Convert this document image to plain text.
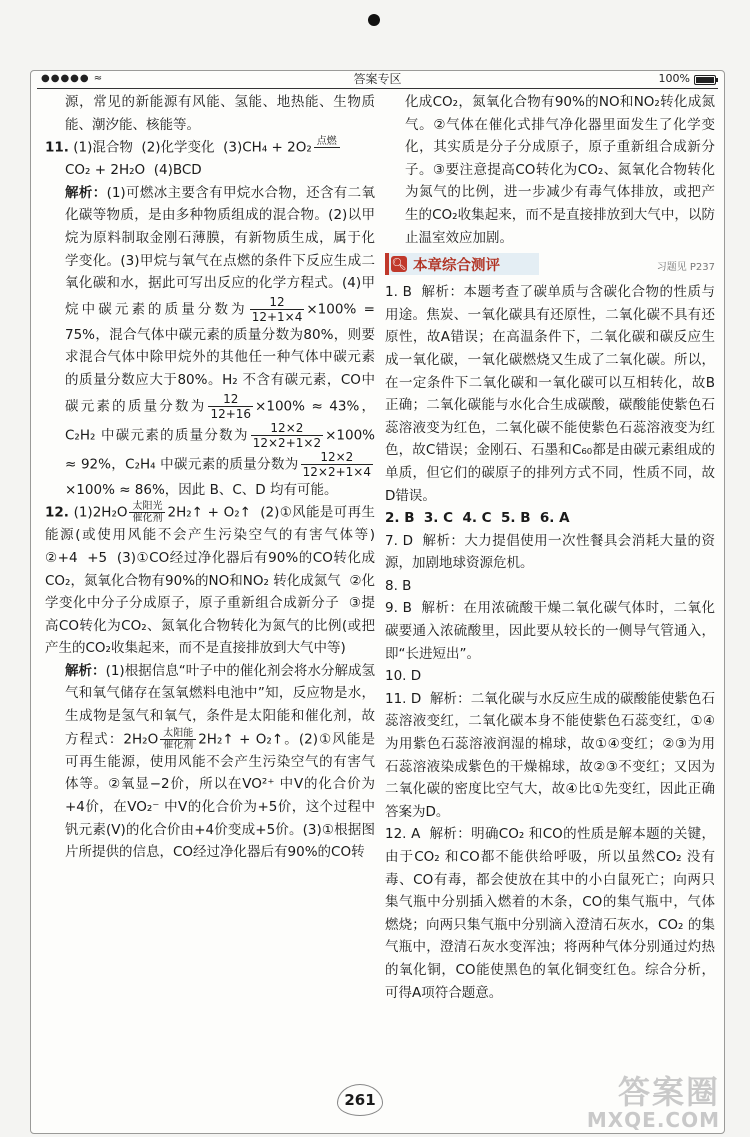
●●●●● ≈	答案专区	100%

源，常见的新能源有风能、氢能、地热能、生物质能、潮汐能、核能等。

11. (1)混合物  (2)化学变化  (3)CH₄ + 2O₂ 点燃

CO₂ + 2H₂O  (4)BCD

解析：(1)可燃冰主要含有甲烷水合物，还含有二氧化碳等物质，是由多种物质组成的混合物。(2)以甲烷为原料制取金刚石薄膜，有新物质生成，属于化学变化。(3)甲烷与氧气在点燃的条件下反应生成二氧化碳和水，据此可写出反应的化学方程式。(4)甲烷中碳元素的质量分数为 $\frac{12}{12+1\times 4} \times 100\% = 75\%$，混合气体中碳元素的质量分数为80%，则要求混合气体中除甲烷外的其他任一种气体中碳元素的质量分数应大于80%。H₂ 不含有碳元素，CO中碳元素的质量分数为 $\frac{12}{12+16} \times 100\% \approx 43\%$，C₂H₂ 中碳元素的质量分数为 $\frac{12\times 2}{12\times 2+1\times 2} \times 100\% \approx 92\%$，C₂H₄ 中碳元素的质量分数为 $\frac{12\times 2}{12\times 2+1\times 4}$
×100% ≈ 86%，因此 B、C、D 均有可能。

12. (1)2H₂O 太阳光
催化剂 2H₂↑ + O₂↑  (2)①风能是可再生能源(或使用风能不会产生污染空气的有害气体等)  ②+4  +5  (3)①CO经过净化器后有90%的CO转化成CO₂，氮氧化合物有90%的NO和NO₂ 转化成氮气  ②化学变化中分子分成原子，原子重新组合成新分子  ③提高CO转化为CO₂、氮氧化合物转化为氮气的比例(或把产生的CO₂收集起来，而不是直接排放到大气中等)

解析：(1)根据信息“叶子中的催化剂会将水分解成氢气和氧气储存在氢氧燃料电池中”知，反应物是水，生成物是氢气和氧气，条件是太阳能和催化剂，故方程式：2H₂O 太阳能
催化剂 2H₂↑ + O₂↑。(2)①风能是可再生能源，使用风能不会产生污染空气的有害气体等。②氧显−2价，所以在VO²⁺ 中V的化合价为+4价，在VO₂⁻ 中V的化合价为+5价，这个过程中钒元素(V)的化合价由+4价变成+5价。(3)①根据图片所提供的信息，CO经过净化器后有90%的CO转

化成CO₂，氮氧化合物有90%的NO和NO₂转化成氮气。②气体在催化式排气净化器里面发生了化学变化，其实质是分子分成原子，原子重新组合成新分子。③要注意提高CO转化为CO₂、氮氧化合物转化为氮气的比例，进一步减少有毒气体排放，或把产生的CO₂收集起来，而不是直接排放到大气中，以防止温室效应加剧。

🔍︎ 本章综合测评	习题见 P237

1. B  解析：本题考查了碳单质与含碳化合物的性质与用途。焦炭、一氧化碳具有还原性，二氧化碳不具有还原性，故A错误；在高温条件下，二氧化碳和碳反应生成一氧化碳，一氧化碳燃烧又生成了二氧化碳。所以，在一定条件下二氧化碳和一氧化碳可以互相转化，故B正确；二氧化碳能与水化合生成碳酸，碳酸能使紫色石蕊溶液变为红色，二氧化碳不能使紫色石蕊溶液变为红色，故C错误；金刚石、石墨和C₆₀都是由碳元素组成的单质，但它们的碳原子的排列方式不同，性质不同，故D错误。

2. B  3. C  4. C  5. B  6. A

7. D  解析：大力提倡使用一次性餐具会消耗大量的资源，加剧地球资源危机。

8. B

9. B  解析：在用浓硫酸干燥二氧化碳气体时，二氧化碳要通入浓硫酸里，因此要从较长的一侧导气管通入，即“长进短出”。

10. D

11. D  解析：二氧化碳与水反应生成的碳酸能使紫色石蕊溶液变红，二氧化碳本身不能使紫色石蕊变红，①④为用紫色石蕊溶液润湿的棉球，故①④变红；②③为用石蕊溶液染成紫色的干燥棉球，故②③不变红；又因为二氧化碳的密度比空气大，故④比①先变红，因此正确答案为D。

12. A  解析：明确CO₂ 和CO的性质是解本题的关键，由于CO₂ 和CO都不能供给呼吸，所以虽然CO₂ 没有毒、CO有毒，都会使放在其中的小白鼠死亡；向两只集气瓶中分别插入燃着的木条，CO的集气瓶中，气体燃烧；向两只集气瓶中分别滴入澄清石灰水，CO₂ 的集气瓶中，澄清石灰水变浑浊；将两种气体分别通过灼热的氧化铜，CO能使黑色的氧化铜变红色。综合分析，可得A项符合题意。

261	答案圈
MXQE.COM
